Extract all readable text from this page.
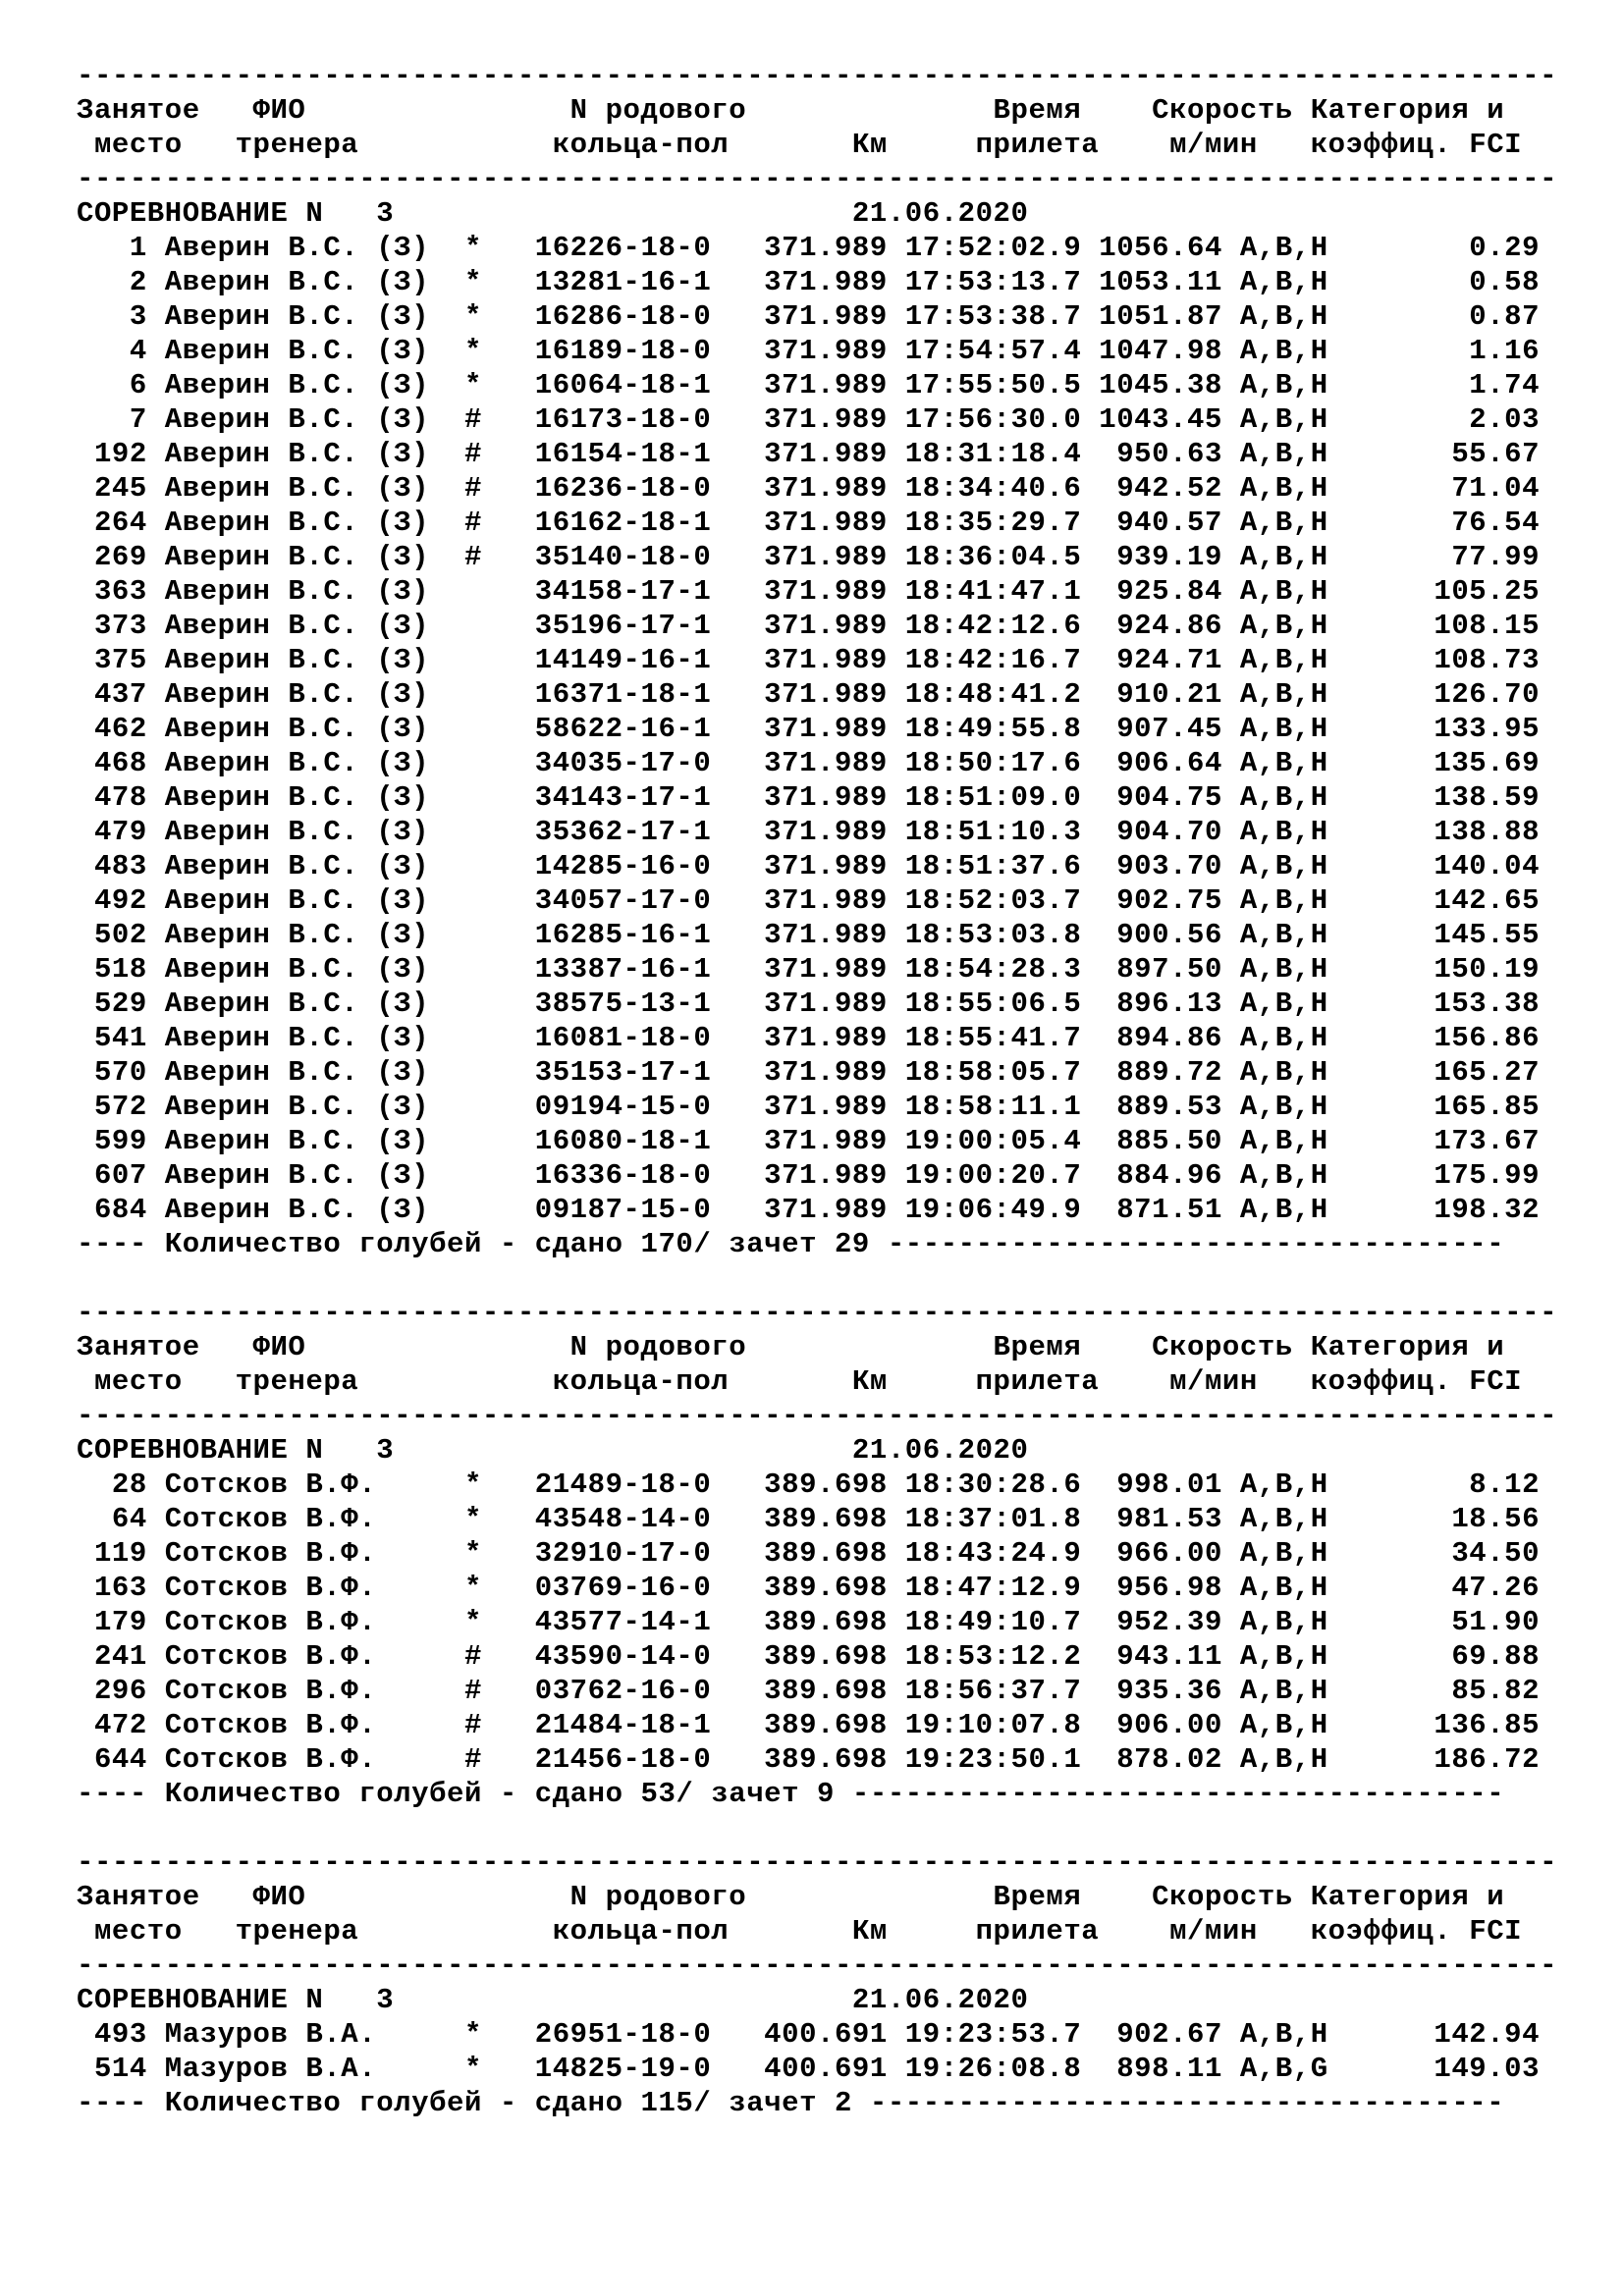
------------------------------------------------------------------------------------
Занятое   ФИО               N родового              Время    Скорость Категория и
место   тренера           кольца-пол       Км     прилета    м/мин   коэффиц. FCI
------------------------------------------------------------------------------------
СОРЕВНОВАНИЕ N   3                          21.06.2020
1 Аверин В.С. (З)  *   16226-18-0   371.989 17:52:02.9 1056.64 A,B,H        0.29
2 Аверин В.С. (З)  *   13281-16-1   371.989 17:53:13.7 1053.11 A,B,H        0.58
3 Аверин В.С. (З)  *   16286-18-0   371.989 17:53:38.7 1051.87 A,B,H        0.87
4 Аверин В.С. (З)  *   16189-18-0   371.989 17:54:57.4 1047.98 A,B,H        1.16
6 Аверин В.С. (З)  *   16064-18-1   371.989 17:55:50.5 1045.38 A,B,H        1.74
7 Аверин В.С. (З)  #   16173-18-0   371.989 17:56:30.0 1043.45 A,B,H        2.03
192 Аверин В.С. (З)  #   16154-18-1   371.989 18:31:18.4  950.63 A,B,H       55.67
245 Аверин В.С. (З)  #   16236-18-0   371.989 18:34:40.6  942.52 A,B,H       71.04
264 Аверин В.С. (З)  #   16162-18-1   371.989 18:35:29.7  940.57 A,B,H       76.54
269 Аверин В.С. (З)  #   35140-18-0   371.989 18:36:04.5  939.19 A,B,H       77.99
363 Аверин В.С. (З)      34158-17-1   371.989 18:41:47.1  925.84 A,B,H      105.25
373 Аверин В.С. (З)      35196-17-1   371.989 18:42:12.6  924.86 A,B,H      108.15
375 Аверин В.С. (З)      14149-16-1   371.989 18:42:16.7  924.71 A,B,H      108.73
437 Аверин В.С. (З)      16371-18-1   371.989 18:48:41.2  910.21 A,B,H      126.70
462 Аверин В.С. (З)      58622-16-1   371.989 18:49:55.8  907.45 A,B,H      133.95
468 Аверин В.С. (З)      34035-17-0   371.989 18:50:17.6  906.64 A,B,H      135.69
478 Аверин В.С. (З)      34143-17-1   371.989 18:51:09.0  904.75 A,B,H      138.59
479 Аверин В.С. (З)      35362-17-1   371.989 18:51:10.3  904.70 A,B,H      138.88
483 Аверин В.С. (З)      14285-16-0   371.989 18:51:37.6  903.70 A,B,H      140.04
492 Аверин В.С. (З)      34057-17-0   371.989 18:52:03.7  902.75 A,B,H      142.65
502 Аверин В.С. (З)      16285-16-1   371.989 18:53:03.8  900.56 A,B,H      145.55
518 Аверин В.С. (З)      13387-16-1   371.989 18:54:28.3  897.50 A,B,H      150.19
529 Аверин В.С. (З)      38575-13-1   371.989 18:55:06.5  896.13 A,B,H      153.38
541 Аверин В.С. (З)      16081-18-0   371.989 18:55:41.7  894.86 A,B,H      156.86
570 Аверин В.С. (З)      35153-17-1   371.989 18:58:05.7  889.72 A,B,H      165.27
572 Аверин В.С. (З)      09194-15-0   371.989 18:58:11.1  889.53 A,B,H      165.85
599 Аверин В.С. (З)      16080-18-1   371.989 19:00:05.4  885.50 A,B,H      173.67
607 Аверин В.С. (З)      16336-18-0   371.989 19:00:20.7  884.96 A,B,H      175.99
684 Аверин В.С. (З)      09187-15-0   371.989 19:06:49.9  871.51 A,B,H      198.32
---- Количество голубей - сдано 170/ зачет 29 -----------------------------------
------------------------------------------------------------------------------------
Занятое   ФИО               N родового              Время    Скорость Категория и
место   тренера           кольца-пол       Км     прилета    м/мин   коэффиц. FCI
------------------------------------------------------------------------------------
СОРЕВНОВАНИЕ N   3                          21.06.2020
28 Сотсков В.Ф.     *   21489-18-0   389.698 18:30:28.6  998.01 A,B,H        8.12
64 Сотсков В.Ф.     *   43548-14-0   389.698 18:37:01.8  981.53 A,B,H       18.56
119 Сотсков В.Ф.     *   32910-17-0   389.698 18:43:24.9  966.00 A,B,H       34.50
163 Сотсков В.Ф.     *   03769-16-0   389.698 18:47:12.9  956.98 A,B,H       47.26
179 Сотсков В.Ф.     *   43577-14-1   389.698 18:49:10.7  952.39 A,B,H       51.90
241 Сотсков В.Ф.     #   43590-14-0   389.698 18:53:12.2  943.11 A,B,H       69.88
296 Сотсков В.Ф.     #   03762-16-0   389.698 18:56:37.7  935.36 A,B,H       85.82
472 Сотсков В.Ф.     #   21484-18-1   389.698 19:10:07.8  906.00 A,B,H      136.85
644 Сотсков В.Ф.     #   21456-18-0   389.698 19:23:50.1  878.02 A,B,H      186.72
---- Количество голубей - сдано 53/ зачет 9 -------------------------------------
------------------------------------------------------------------------------------
Занятое   ФИО               N родового              Время    Скорость Категория и
место   тренера           кольца-пол       Км     прилета    м/мин   коэффиц. FCI
------------------------------------------------------------------------------------
СОРЕВНОВАНИЕ N   3                          21.06.2020
493 Мазуров В.А.     *   26951-18-0   400.691 19:23:53.7  902.67 A,B,H      142.94
514 Мазуров В.А.     *   14825-19-0   400.691 19:26:08.8  898.11 A,B,G      149.03
---- Количество голубей - сдано 115/ зачет 2 ------------------------------------
